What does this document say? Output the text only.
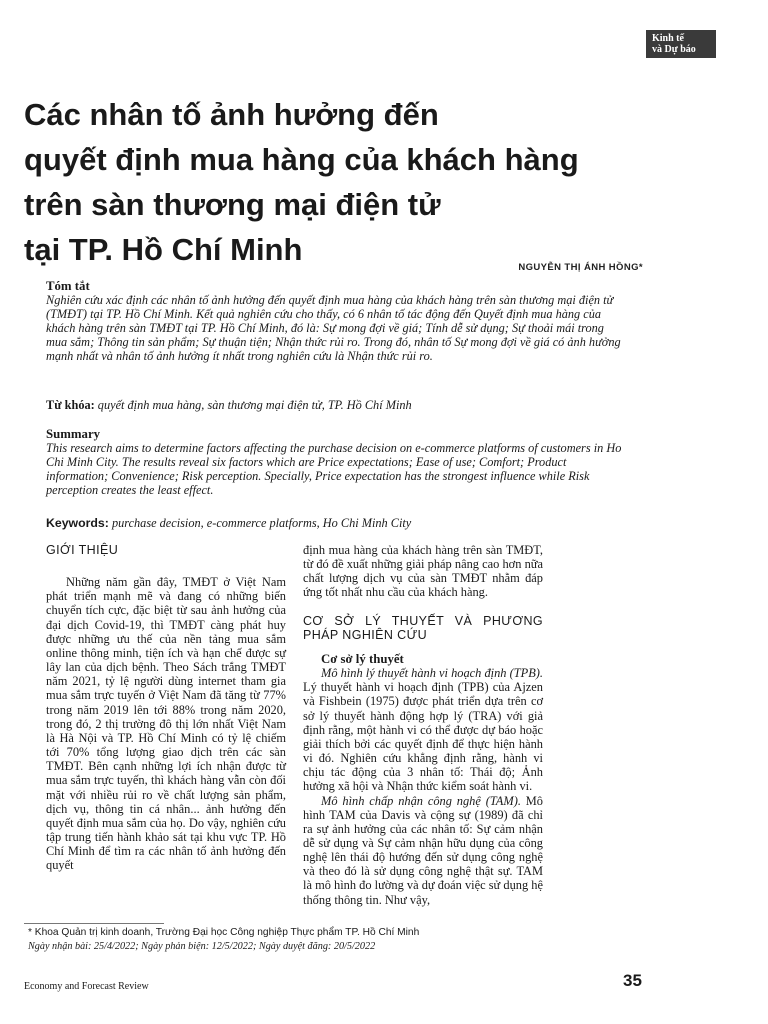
Kinh tế
và Dự báo
Các nhân tố ảnh hưởng đến
quyết định mua hàng của khách hàng
trên sàn thương mại điện tử
tại TP. Hồ Chí Minh
NGUYỄN THỊ ÁNH HỒNG*
Tóm tắt
Nghiên cứu xác định các nhân tố ảnh hưởng đến quyết định mua hàng của khách hàng trên sàn thương mại điện tử (TMĐT) tại TP. Hồ Chí Minh. Kết quả nghiên cứu cho thấy, có 6 nhân tố tác động đến Quyết định mua hàng của khách hàng trên sàn TMĐT tại TP. Hồ Chí Minh, đó là: Sự mong đợi về giá; Tính dễ sử dụng; Sự thoải mái trong mua sắm; Thông tin sản phẩm; Sự thuận tiện; Nhận thức rủi ro. Trong đó, nhân tố Sự mong đợi về giá có ảnh hưởng mạnh nhất và nhân tố ảnh hưởng ít nhất trong nghiên cứu là Nhận thức rủi ro.
Từ khóa: quyết định mua hàng, sàn thương mại điện tử, TP. Hồ Chí Minh
Summary
This research aims to determine factors affecting the purchase decision on e-commerce platforms of customers in Ho Chi Minh City. The results reveal six factors which are Price expectations; Ease of use; Comfort; Product information; Convenience; Risk perception. Specially, Price expectation has the strongest influence while Risk perception creates the least effect.
Keywords: purchase decision, e-commerce platforms, Ho Chi Minh City
GIỚI THIỆU

Những năm gần đây, TMĐT ở Việt Nam phát triển mạnh mẽ và đang có những biến chuyển tích cực, đặc biệt từ sau ảnh hưởng của đại dịch Covid-19, thì TMĐT càng phát huy được những ưu thế của nền tảng mua sắm online thông minh, tiện ích và hạn chế được sự lây lan của dịch bệnh. Theo Sách trắng TMĐT năm 2021, tỷ lệ người dùng internet tham gia mua sắm trực tuyến ở Việt Nam đã tăng từ 77% trong năm 2019 lên tới 88% trong năm 2020, trong đó, 2 thị trường đô thị lớn nhất Việt Nam là Hà Nội và TP. Hồ Chí Minh có tỷ lệ chiếm tới 70% tổng lượng giao dịch trên các sàn TMĐT. Bên cạnh những lợi ích nhận được từ mua sắm trực tuyến, thì khách hàng vẫn còn đối mặt với nhiều rủi ro về chất lượng sản phẩm, dịch vụ, thông tin cá nhân... ảnh hưởng đến quyết định mua sắm của họ. Do vậy, nghiên cứu tập trung tiến hành khảo sát tại khu vực TP. Hồ Chí Minh để tìm ra các nhân tố ảnh hưởng đến quyết

định mua hàng của khách hàng trên sàn TMĐT, từ đó đề xuất những giải pháp nâng cao hơn nữa chất lượng dịch vụ của sàn TMĐT nhằm đáp ứng tốt nhất nhu cầu của khách hàng.

CƠ SỞ LÝ THUYẾT VÀ PHƯƠNG PHÁP NGHIÊN CỨU
Cơ sở lý thuyết

Mô hình lý thuyết hành vi hoạch định (TPB). Lý thuyết hành vi hoạch định (TPB) của Ajzen và Fishbein (1975) được phát triển dựa trên cơ sở lý thuyết hành động hợp lý (TRA) với giả định rằng, một hành vi có thể được dự báo hoặc giải thích bởi các quyết định để thực hiện hành vi đó. Nghiên cứu khẳng định rằng, hành vi chịu tác động của 3 nhân tố: Thái độ; Ảnh hưởng xã hội và Nhận thức kiểm soát hành vi.

Mô hình chấp nhận công nghệ (TAM). Mô hình TAM của Davis và cộng sự (1989) đã chỉ ra sự ảnh hưởng của các nhân tố: Sự cảm nhận dễ sử dụng và Sự cảm nhận hữu dụng của công nghệ lên thái độ hướng đến sử dụng công nghệ và theo đó là sử dụng công nghệ thật sự. TAM là mô hình đo lường và dự đoán việc sử dụng hệ thống thông tin. Như vậy,

* Khoa Quản trị kinh doanh, Trường Đại học Công nghiệp Thực phẩm TP. Hồ Chí Minh
Ngày nhận bài: 25/4/2022; Ngày phản biện: 12/5/2022; Ngày duyệt đăng: 20/5/2022
Economy and Forecast Review	35
